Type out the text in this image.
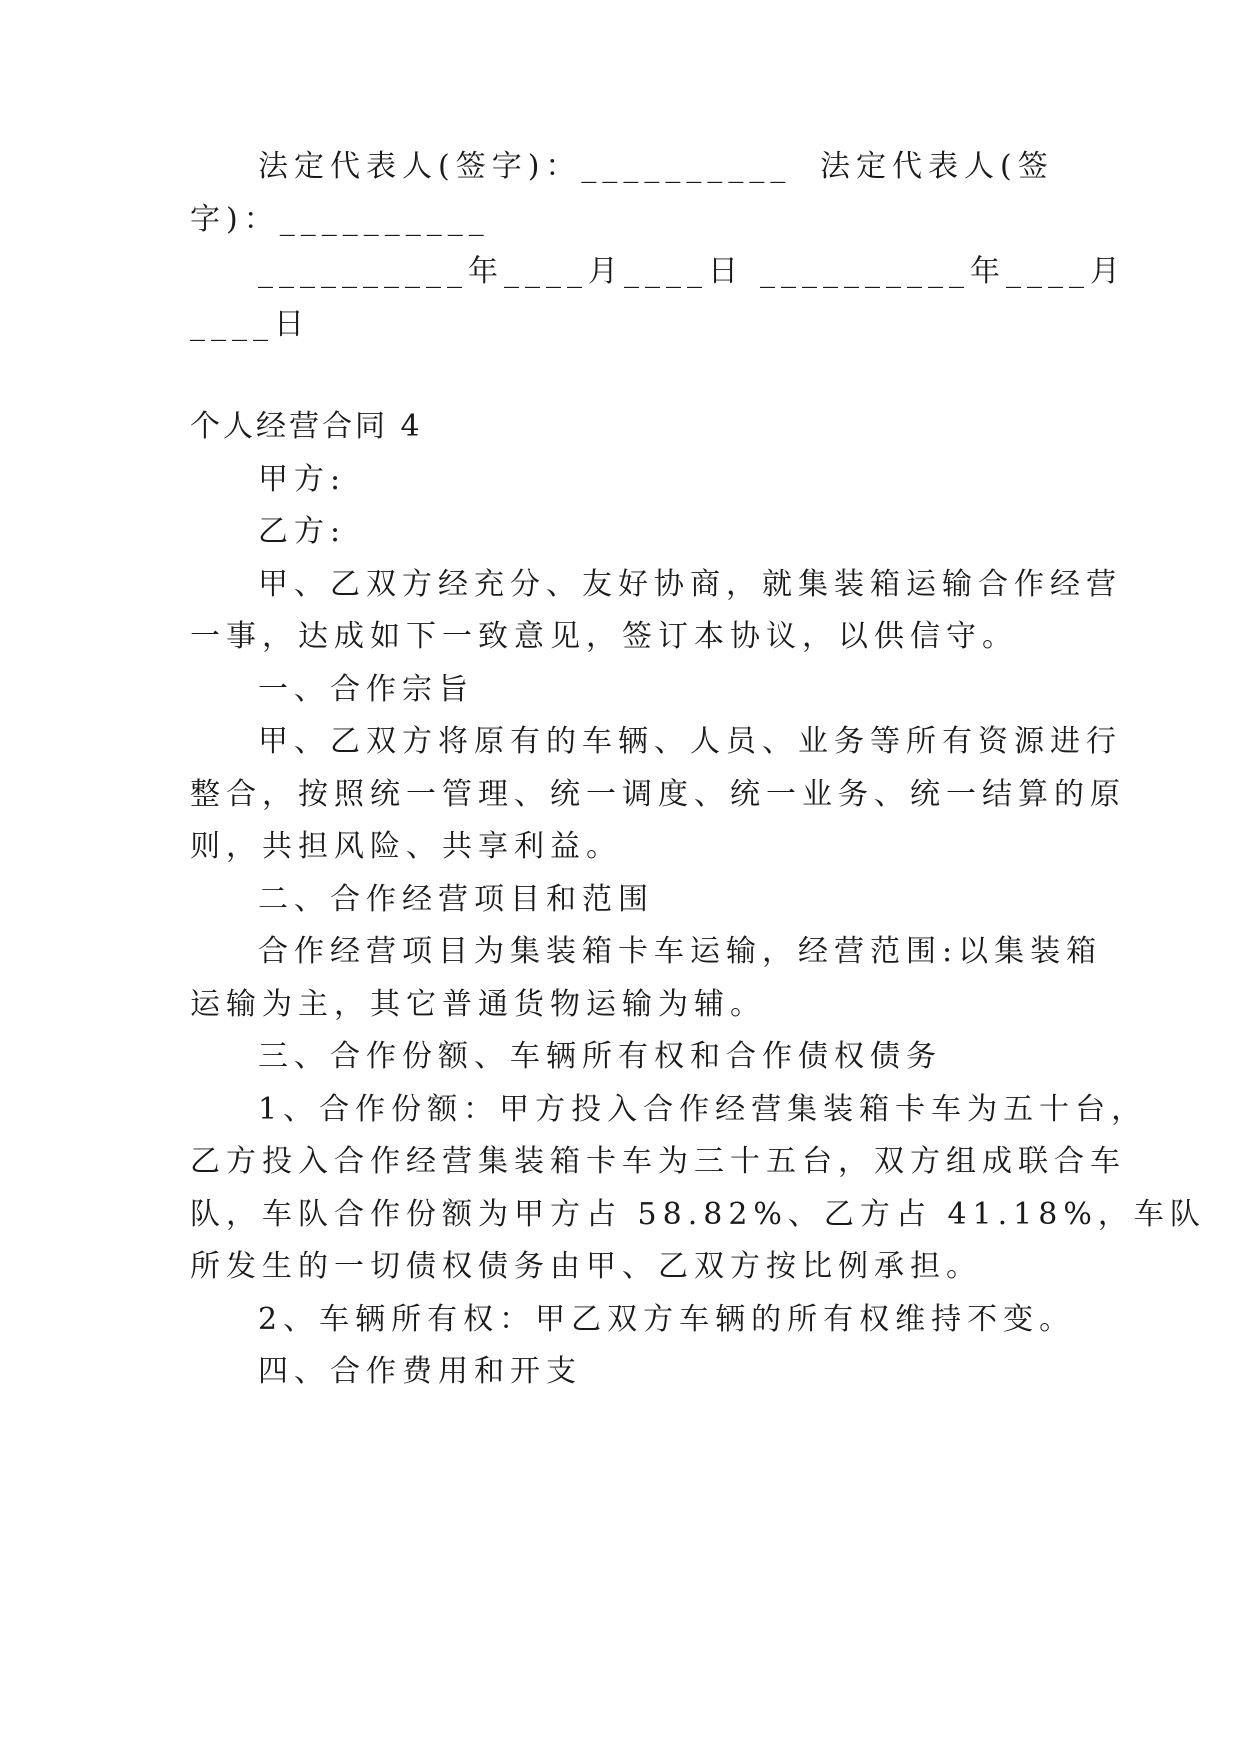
法定代表人(签字)：__________ 法定代表人(签
字)：__________
__________年____月____日 __________年____月
____日
个人经营合同 4
甲方:
乙方:
甲、乙双方经充分、友好协商，就集装箱运输合作经营
一事，达成如下一致意见，签订本协议，以供信守。
一、合作宗旨
甲、乙双方将原有的车辆、人员、业务等所有资源进行
整合，按照统一管理、统一调度、统一业务、统一结算的原
则，共担风险、共享利益。
二、合作经营项目和范围
合作经营项目为集装箱卡车运输，经营范围:以集装箱
运输为主，其它普通货物运输为辅。
三、合作份额、车辆所有权和合作债权债务
1、合作份额：甲方投入合作经营集装箱卡车为五十台，
乙方投入合作经营集装箱卡车为三十五台，双方组成联合车
队，车队合作份额为甲方占 58.82%、乙方占 41.18%，车队
所发生的一切债权债务由甲、乙双方按比例承担。
2、车辆所有权：甲乙双方车辆的所有权维持不变。
四、合作费用和开支
